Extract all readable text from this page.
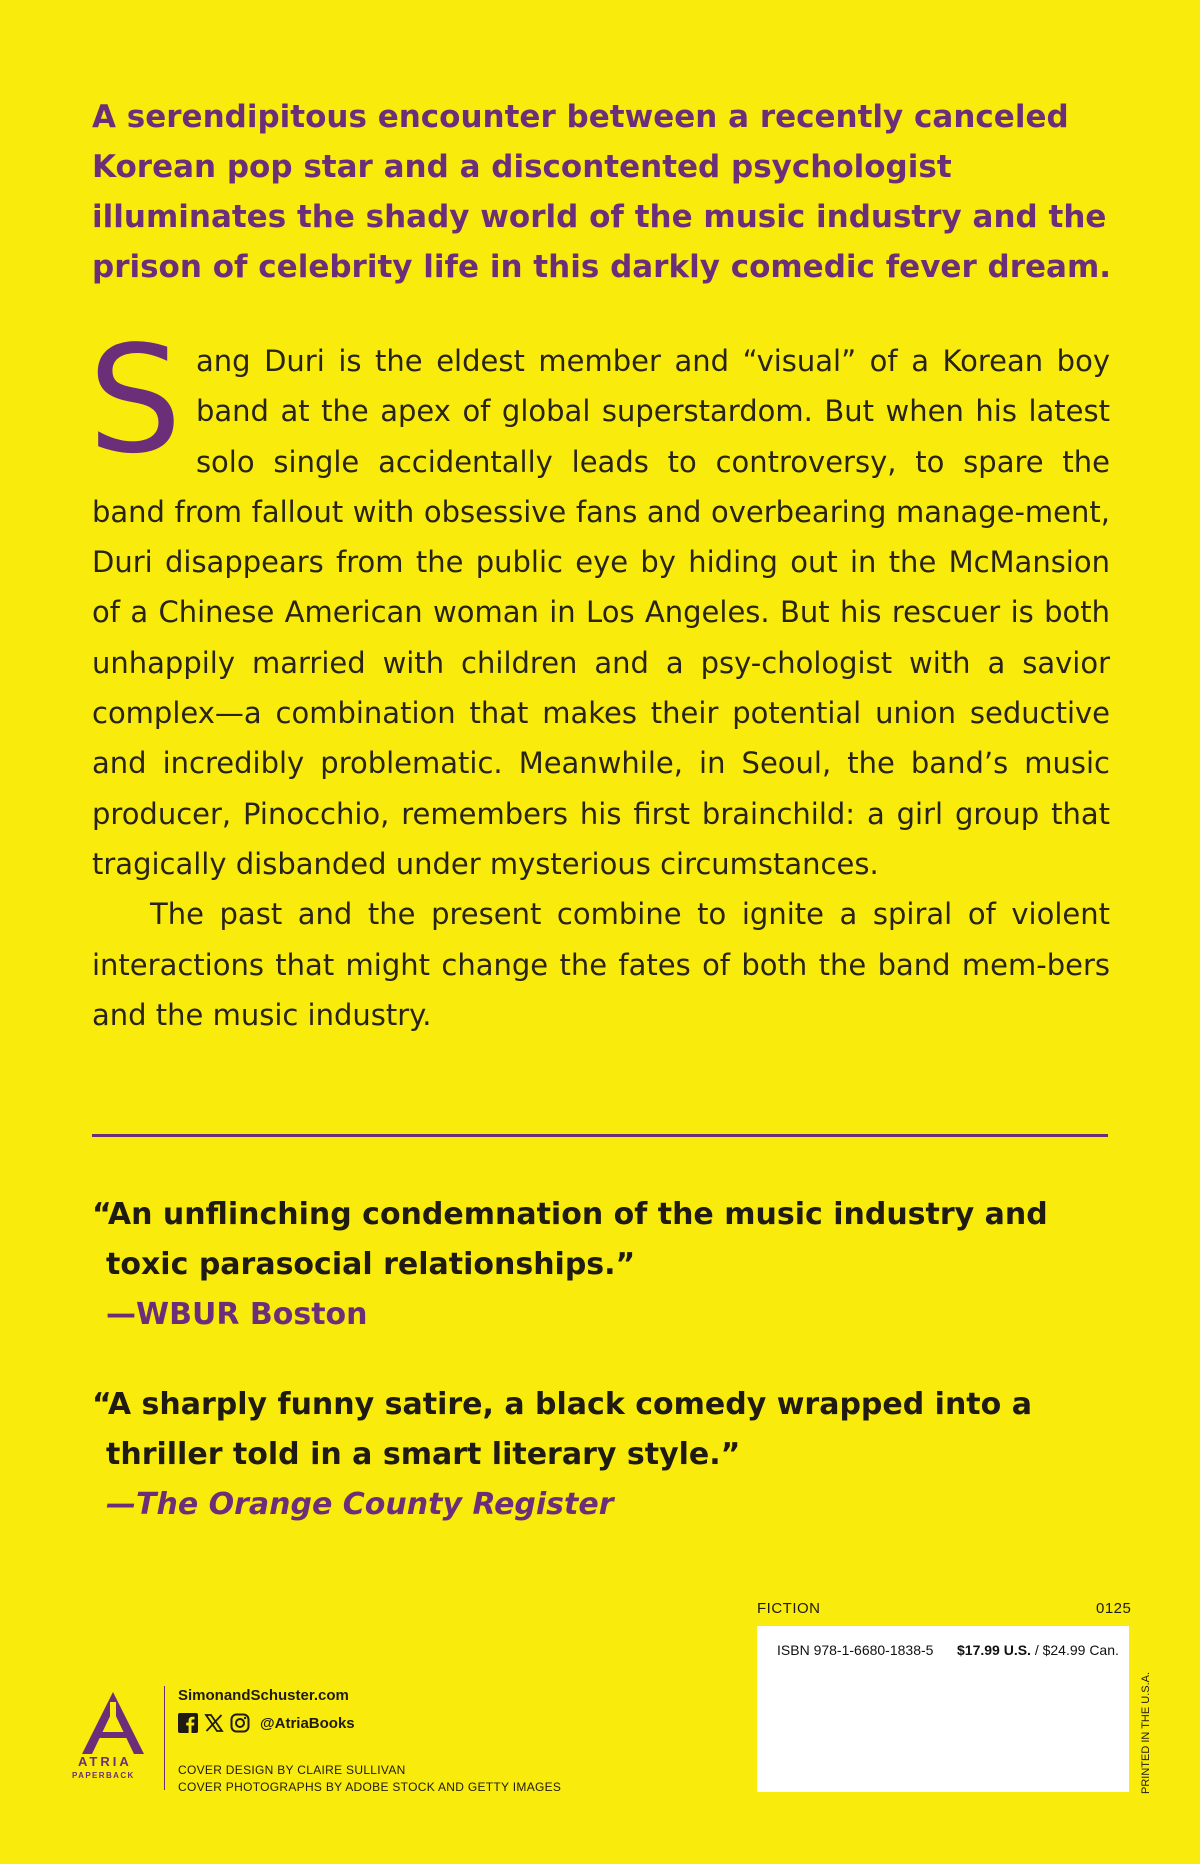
A serendipitous encounter between a recently canceled Korean pop star and a discontented psychologist illuminates the shady world of the music industry and the prison of celebrity life in this darkly comedic fever dream.

Sang Duri is the eldest member and “visual” of a Korean boy band at the apex of global superstardom. But when his latest solo single accidentally leads to controversy, to spare the band from fallout with obsessive fans and overbearing manage-ment, Duri disappears from the public eye by hiding out in the McMansion of a Chinese American woman in Los Angeles. But his rescuer is both unhappily married with children and a psy-chologist with a savior complex—a combination that makes their potential union seductive and incredibly problematic. Meanwhile, in Seoul, the band’s music producer, Pinocchio, remembers his first brainchild: a girl group that tragically disbanded under mysterious circumstances.

The past and the present combine to ignite a spiral of violent interactions that might change the fates of both the band mem-bers and the music industry.

“An unflinching condemnation of the music industry and toxic parasocial relationships.”

—WBUR Boston

“A sharply funny satire, a black comedy wrapped into a thriller told in a smart literary style.”

—The Orange County Register

FICTION	0125
ISBN 978-1-6680-1838-5 $17.99 U.S. / $24.99 Can.
PRINTED IN THE U.S.A.
ATRIA
PAPERBACK
SimonandSchuster.com
@AtriaBooks
COVER DESIGN BY CLAIRE SULLIVAN
COVER PHOTOGRAPHS BY ADOBE STOCK AND GETTY IMAGES
